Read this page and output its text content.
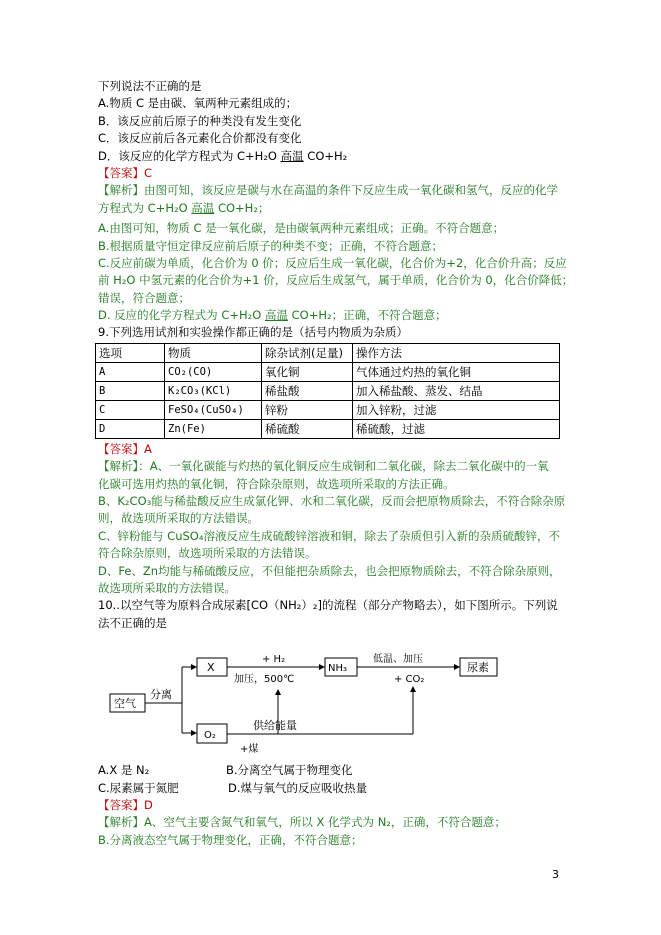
下列说法不正确的是
A.物质 C 是由碳、氧两种元素组成的；
B．该反应前后原子的种类没有发生变化
C．该反应前后各元素化合价都没有变化
D．该反应的化学方程式为 C+H₂O 高温 CO+H₂
【答案】C
【解析】由图可知，该反应是碳与水在高温的条件下反应生成一氧化碳和氢气，反应的化学
方程式为 C+H₂O 高温 CO+H₂；
A.由图可知，物质 C 是一氧化碳，是由碳氧两种元素组成；正确。不符合题意；
B.根据质量守恒定律反应前后原子的种类不变；正确，不符合题意；
C.反应前碳为单质，化合价为 0 价；反应后生成一氧化碳，化合价为+2，化合价升高；反应
前 H₂O 中氢元素的化合价为+1 价，反应后生成氢气，属于单质，化合价为 0，化合价降低；
错误，符合题意；
D. 反应的化学方程式为 C+H₂O 高温 CO+H₂；正确，不符合题意；
9.下列选用试剂和实验操作都正确的是（括号内物质为杂质）
选项	物质	除杂试剂(足量)	操作方法
A	CO₂(CO)	氧化铜	气体通过灼热的氧化铜
B	K₂CO₃(KCl)	稀盐酸	加入稀盐酸、蒸发、结晶
C	FeSO₄(CuSO₄)	锌粉	加入锌粉，过滤
D	Zn(Fe)	稀硫酸	稀硫酸，过滤
【答案】A
【解析】：A、一氧化碳能与灼热的氧化铜反应生成铜和二氧化碳，除去二氧化碳中的一氧
化碳可选用灼热的氧化铜，符合除杂原则，故选项所采取的方法正确。
B、K₂CO₃能与稀盐酸反应生成氯化钾、水和二氧化碳，反而会把原物质除去，不符合除杂原
则，故选项所采取的方法错误。
C、锌粉能与 CuSO₄溶液反应生成硫酸锌溶液和铜，除去了杂质但引入新的杂质硫酸锌，不
符合除杂原则，故选项所采取的方法错误。
D、Fe、Zn均能与稀硫酸反应，不但能把杂质除去，也会把原物质除去，不符合除杂原则，
故选项所采取的方法错误。
10..以空气等为原料合成尿素[CO（NH₂）₂]的流程（部分产物略去），如下图所示。下列说
法不正确的是
空气
分离
X
+ H₂
加压，500℃
NH₃
低温、加压
+ CO₂
尿素
O₂
供给能量
+煤
A.X 是 N₂	B.分离空气属于物理变化
C.尿素属于氮肥	D.煤与氧气的反应吸收热量
【答案】D
【解析】A、空气主要含氮气和氧气，所以 X 化学式为 N₂，正确，不符合题意；
B.分离液态空气属于物理变化，正确，不符合题意；
3
